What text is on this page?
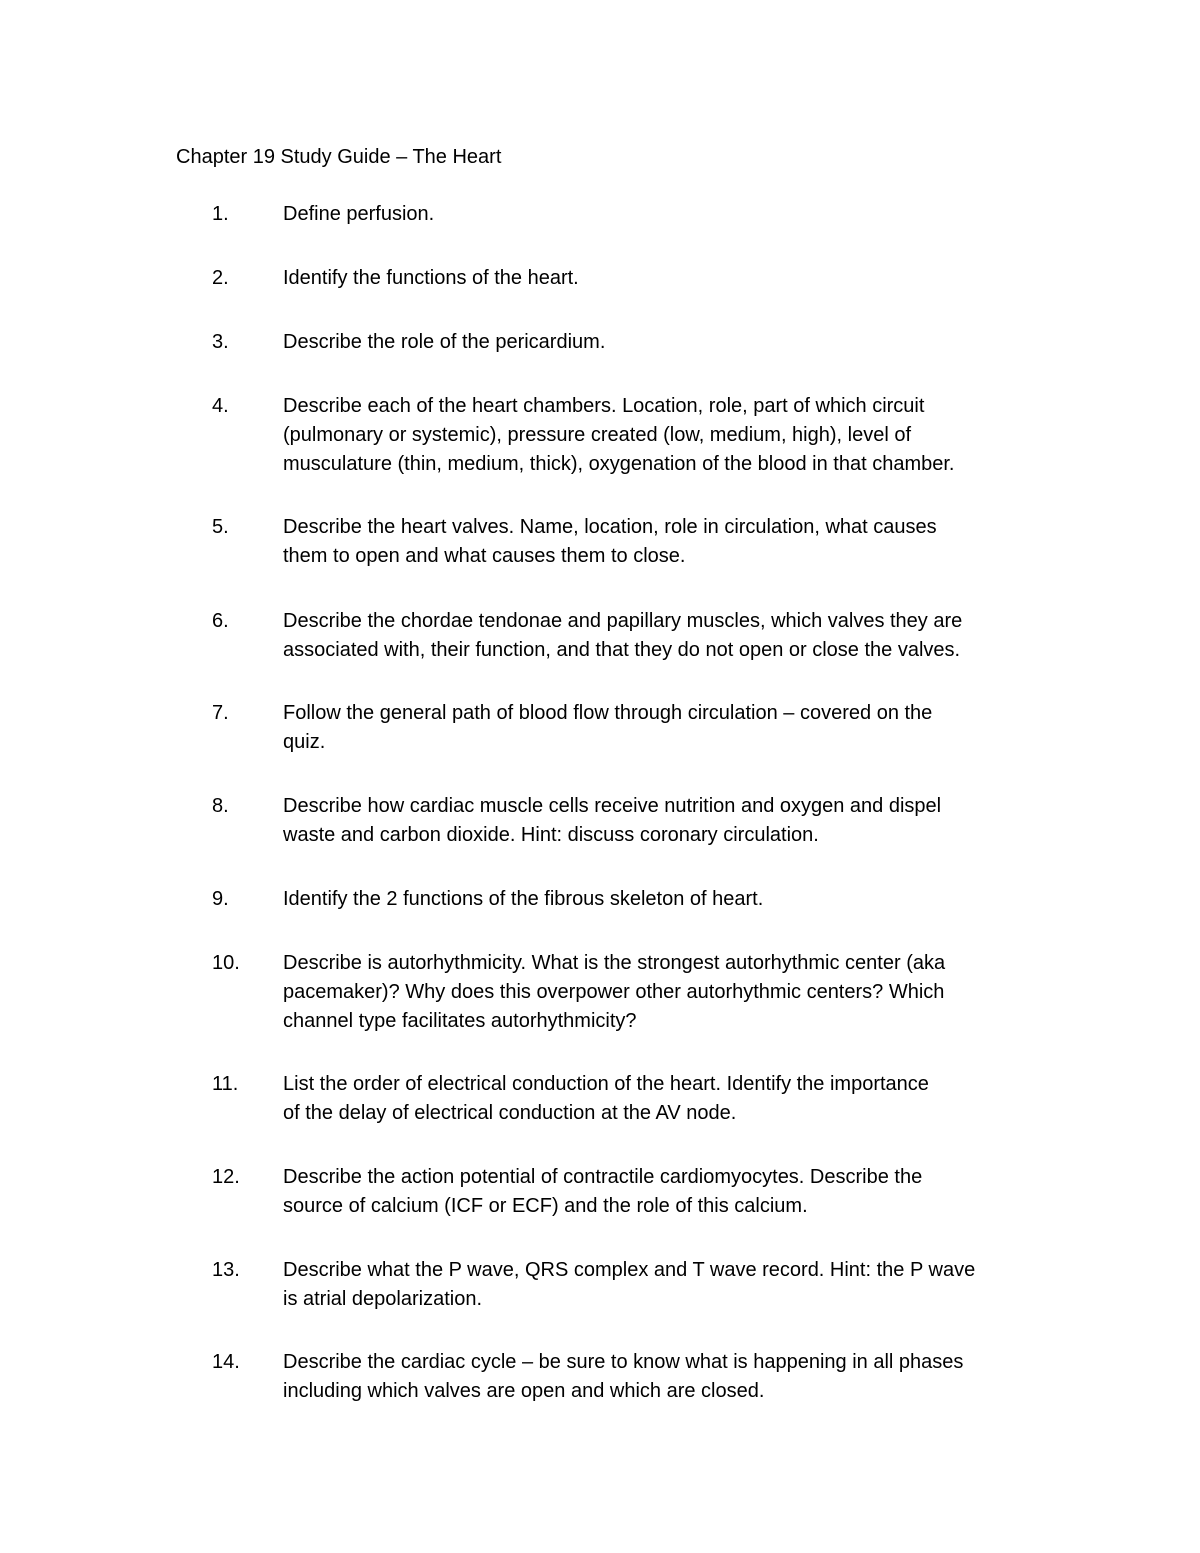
Chapter 19 Study Guide – The Heart
1.	Define perfusion.
2.	Identify the functions of the heart.
3.	Describe the role of the pericardium.
4.	Describe each of the heart chambers. Location, role, part of which circuit
(pulmonary or systemic), pressure created (low, medium, high), level of
musculature (thin, medium, thick), oxygenation of the blood in that chamber.
5.	Describe the heart valves. Name, location, role in circulation, what causes
them to open and what causes them to close.
6.	Describe the chordae tendonae and papillary muscles, which valves they are
associated with, their function, and that they do not open or close the valves.
7.	Follow the general path of blood flow through circulation – covered on the
quiz.
8.	Describe how cardiac muscle cells receive nutrition and oxygen and dispel
waste and carbon dioxide. Hint: discuss coronary circulation.
9.	Identify the 2 functions of the fibrous skeleton of heart.
10.	Describe is autorhythmicity. What is the strongest autorhythmic center (aka
pacemaker)? Why does this overpower other autorhythmic centers? Which
channel type facilitates autorhythmicity?
11.	List the order of electrical conduction of the heart. Identify the importance
of the delay of electrical conduction at the AV node.
12.	Describe the action potential of contractile cardiomyocytes. Describe the
source of calcium (ICF or ECF) and the role of this calcium.
13.	Describe what the P wave, QRS complex and T wave record. Hint: the P wave
is atrial depolarization.
14.	Describe the cardiac cycle – be sure to know what is happening in all phases
including which valves are open and which are closed.
